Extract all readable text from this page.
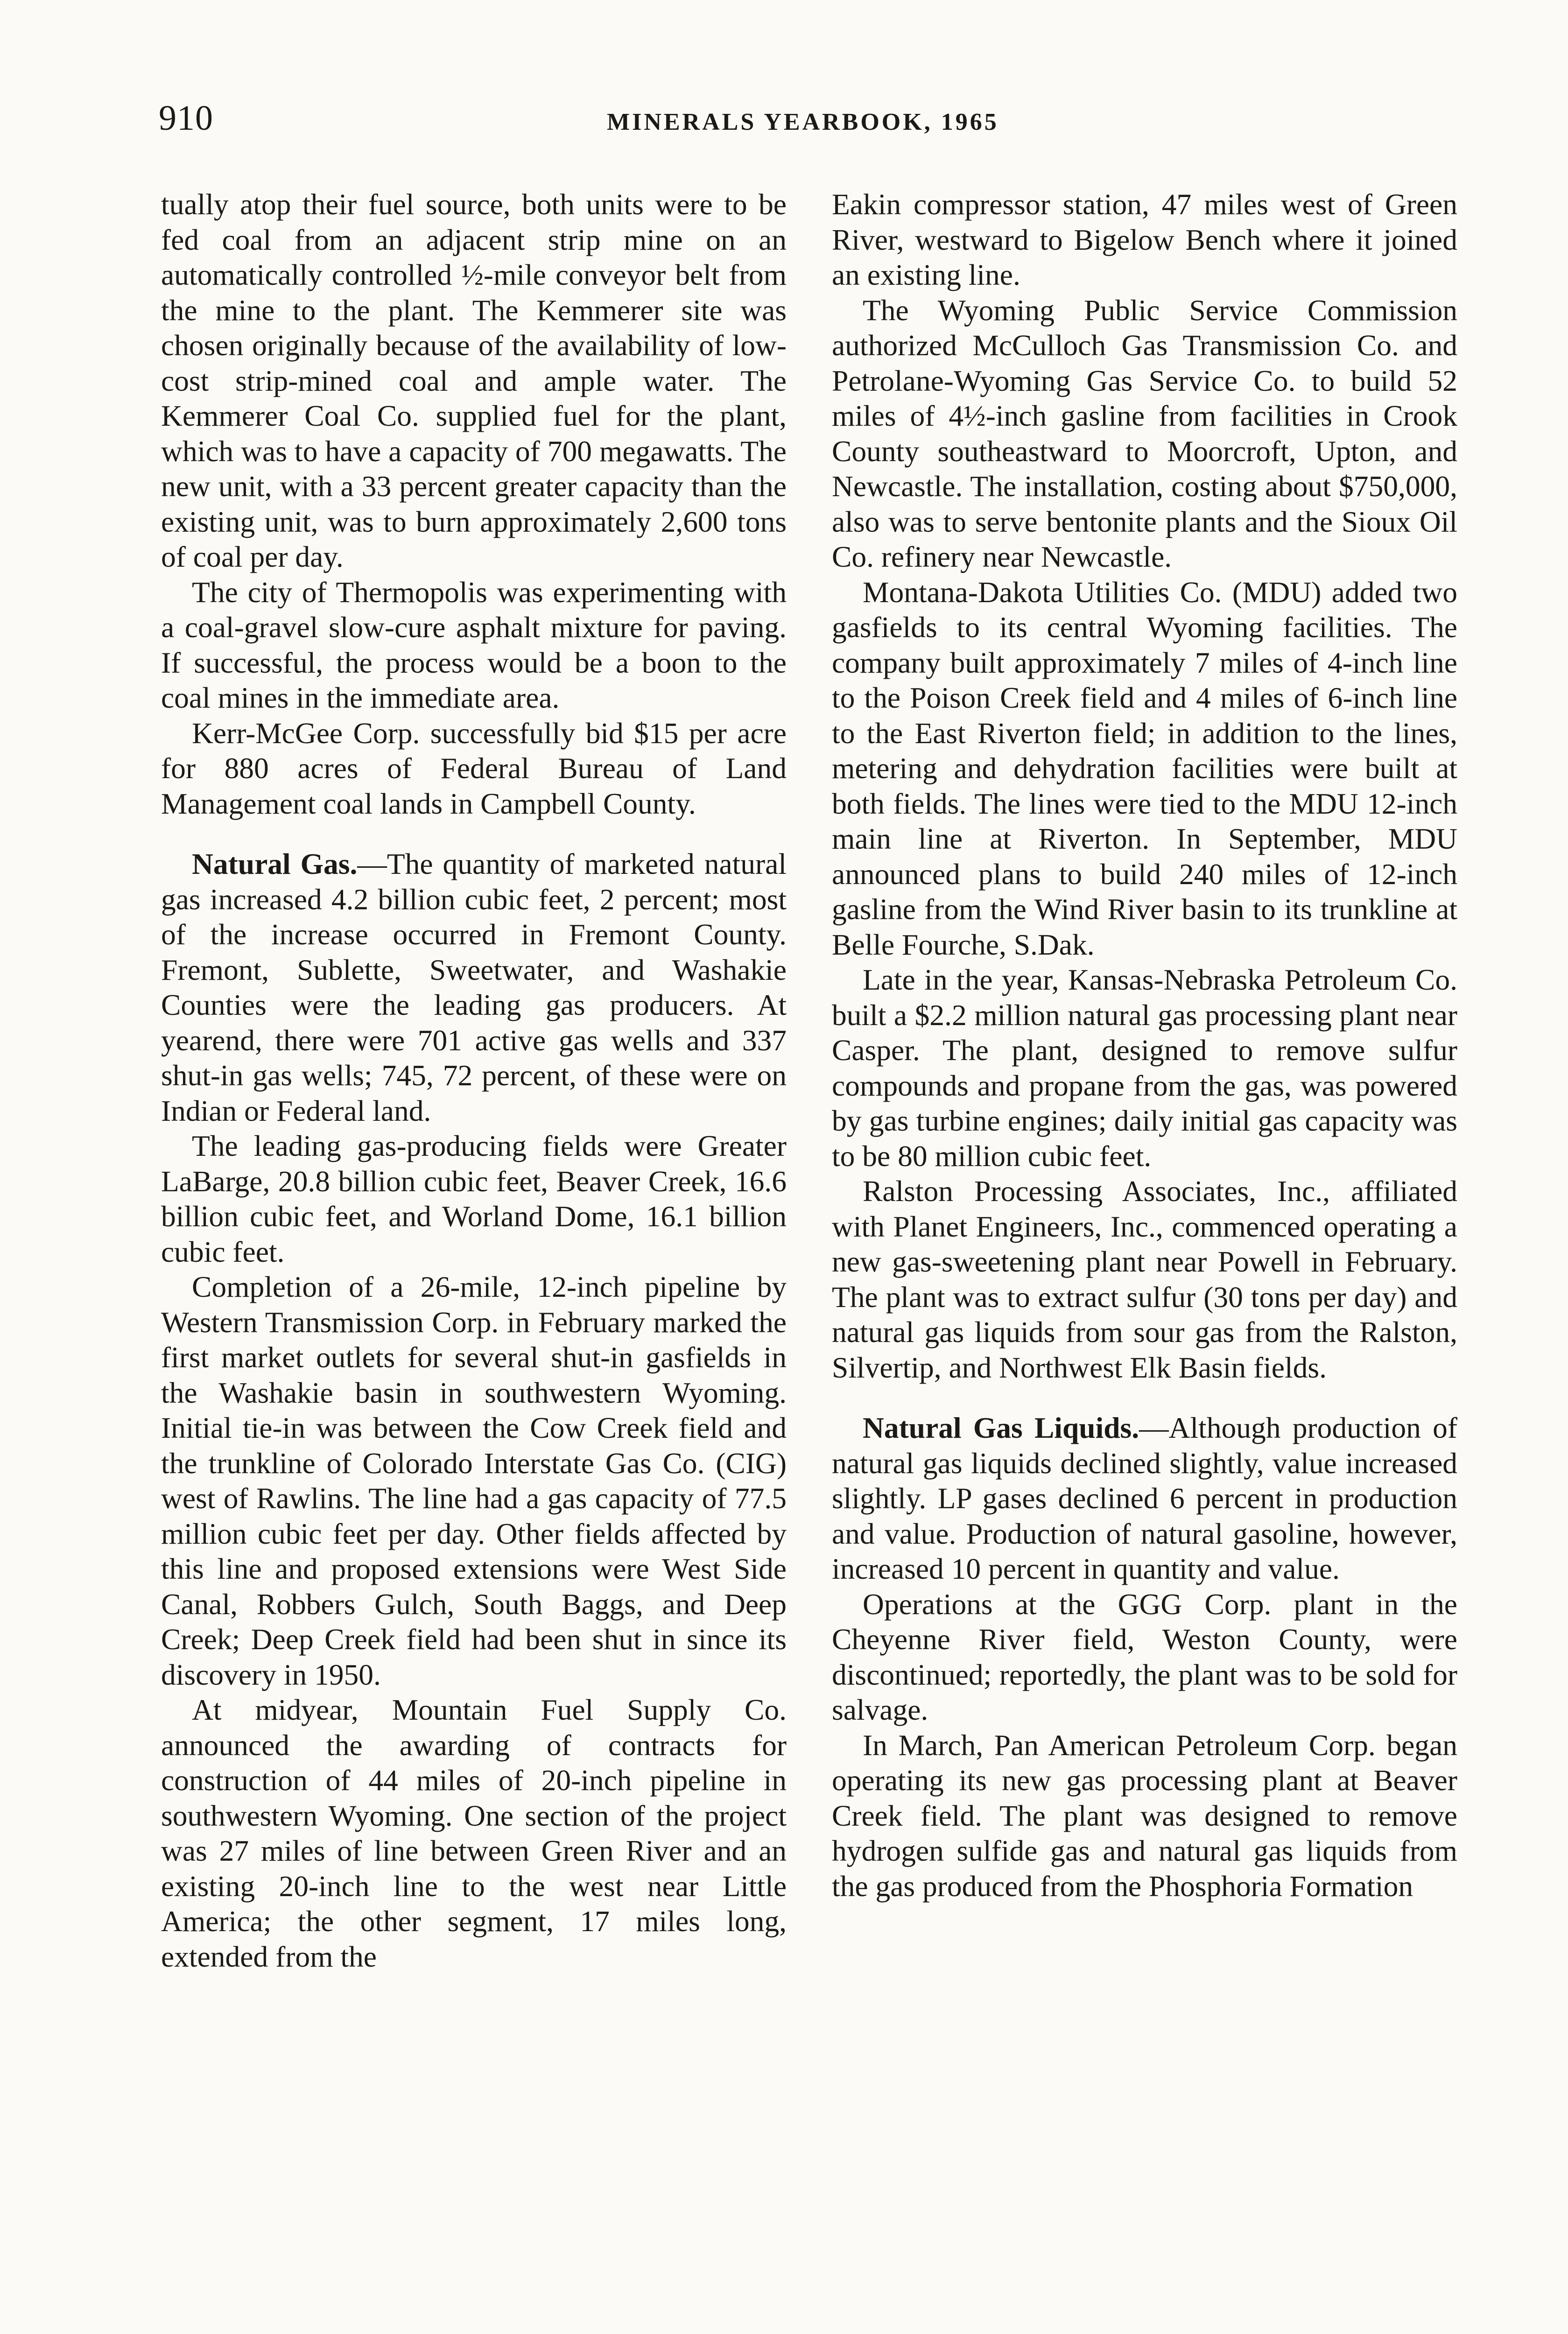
910	MINERALS YEARBOOK, 1965

tually atop their fuel source, both units were to be fed coal from an adjacent strip mine on an automatically controlled ½-mile conveyor belt from the mine to the plant. The Kemmerer site was chosen originally because of the availability of low-cost strip-mined coal and ample water. The Kemmerer Coal Co. supplied fuel for the plant, which was to have a capacity of 700 megawatts. The new unit, with a 33 percent greater capacity than the existing unit, was to burn approximately 2,600 tons of coal per day.

The city of Thermopolis was experimenting with a coal-gravel slow-cure asphalt mixture for paving. If successful, the process would be a boon to the coal mines in the immediate area.

Kerr-McGee Corp. successfully bid $15 per acre for 880 acres of Federal Bureau of Land Management coal lands in Campbell County.

Natural Gas.—The quantity of marketed natural gas increased 4.2 billion cubic feet, 2 percent; most of the increase occurred in Fremont County. Fremont, Sublette, Sweetwater, and Washakie Counties were the leading gas producers. At yearend, there were 701 active gas wells and 337 shut-in gas wells; 745, 72 percent, of these were on Indian or Federal land.

The leading gas-producing fields were Greater LaBarge, 20.8 billion cubic feet, Beaver Creek, 16.6 billion cubic feet, and Worland Dome, 16.1 billion cubic feet.

Completion of a 26-mile, 12-inch pipeline by Western Transmission Corp. in February marked the first market outlets for several shut-in gasfields in the Washakie basin in southwestern Wyoming. Initial tie-in was between the Cow Creek field and the trunkline of Colorado Interstate Gas Co. (CIG) west of Rawlins. The line had a gas capacity of 77.5 million cubic feet per day. Other fields affected by this line and proposed extensions were West Side Canal, Robbers Gulch, South Baggs, and Deep Creek; Deep Creek field had been shut in since its discovery in 1950.

At midyear, Mountain Fuel Supply Co. announced the awarding of contracts for construction of 44 miles of 20-inch pipeline in southwestern Wyoming. One section of the project was 27 miles of line between Green River and an existing 20-inch line to the west near Little America; the other segment, 17 miles long, extended from the

Eakin compressor station, 47 miles west of Green River, westward to Bigelow Bench where it joined an existing line.

The Wyoming Public Service Commission authorized McCulloch Gas Transmission Co. and Petrolane-Wyoming Gas Service Co. to build 52 miles of 4½-inch gasline from facilities in Crook County southeastward to Moorcroft, Upton, and Newcastle. The installation, costing about $750,000, also was to serve bentonite plants and the Sioux Oil Co. refinery near Newcastle.

Montana-Dakota Utilities Co. (MDU) added two gasfields to its central Wyoming facilities. The company built approximately 7 miles of 4-inch line to the Poison Creek field and 4 miles of 6-inch line to the East Riverton field; in addition to the lines, metering and dehydration facilities were built at both fields. The lines were tied to the MDU 12-inch main line at Riverton. In September, MDU announced plans to build 240 miles of 12-inch gasline from the Wind River basin to its trunkline at Belle Fourche, S.Dak.

Late in the year, Kansas-Nebraska Petroleum Co. built a $2.2 million natural gas processing plant near Casper. The plant, designed to remove sulfur compounds and propane from the gas, was powered by gas turbine engines; daily initial gas capacity was to be 80 million cubic feet.

Ralston Processing Associates, Inc., affiliated with Planet Engineers, Inc., commenced operating a new gas-sweetening plant near Powell in February. The plant was to extract sulfur (30 tons per day) and natural gas liquids from sour gas from the Ralston, Silvertip, and Northwest Elk Basin fields.

Natural Gas Liquids.—Although production of natural gas liquids declined slightly, value increased slightly. LP gases declined 6 percent in production and value. Production of natural gasoline, however, increased 10 percent in quantity and value.

Operations at the GGG Corp. plant in the Cheyenne River field, Weston County, were discontinued; reportedly, the plant was to be sold for salvage.

In March, Pan American Petroleum Corp. began operating its new gas processing plant at Beaver Creek field. The plant was designed to remove hydrogen sulfide gas and natural gas liquids from the gas produced from the Phosphoria Formation
